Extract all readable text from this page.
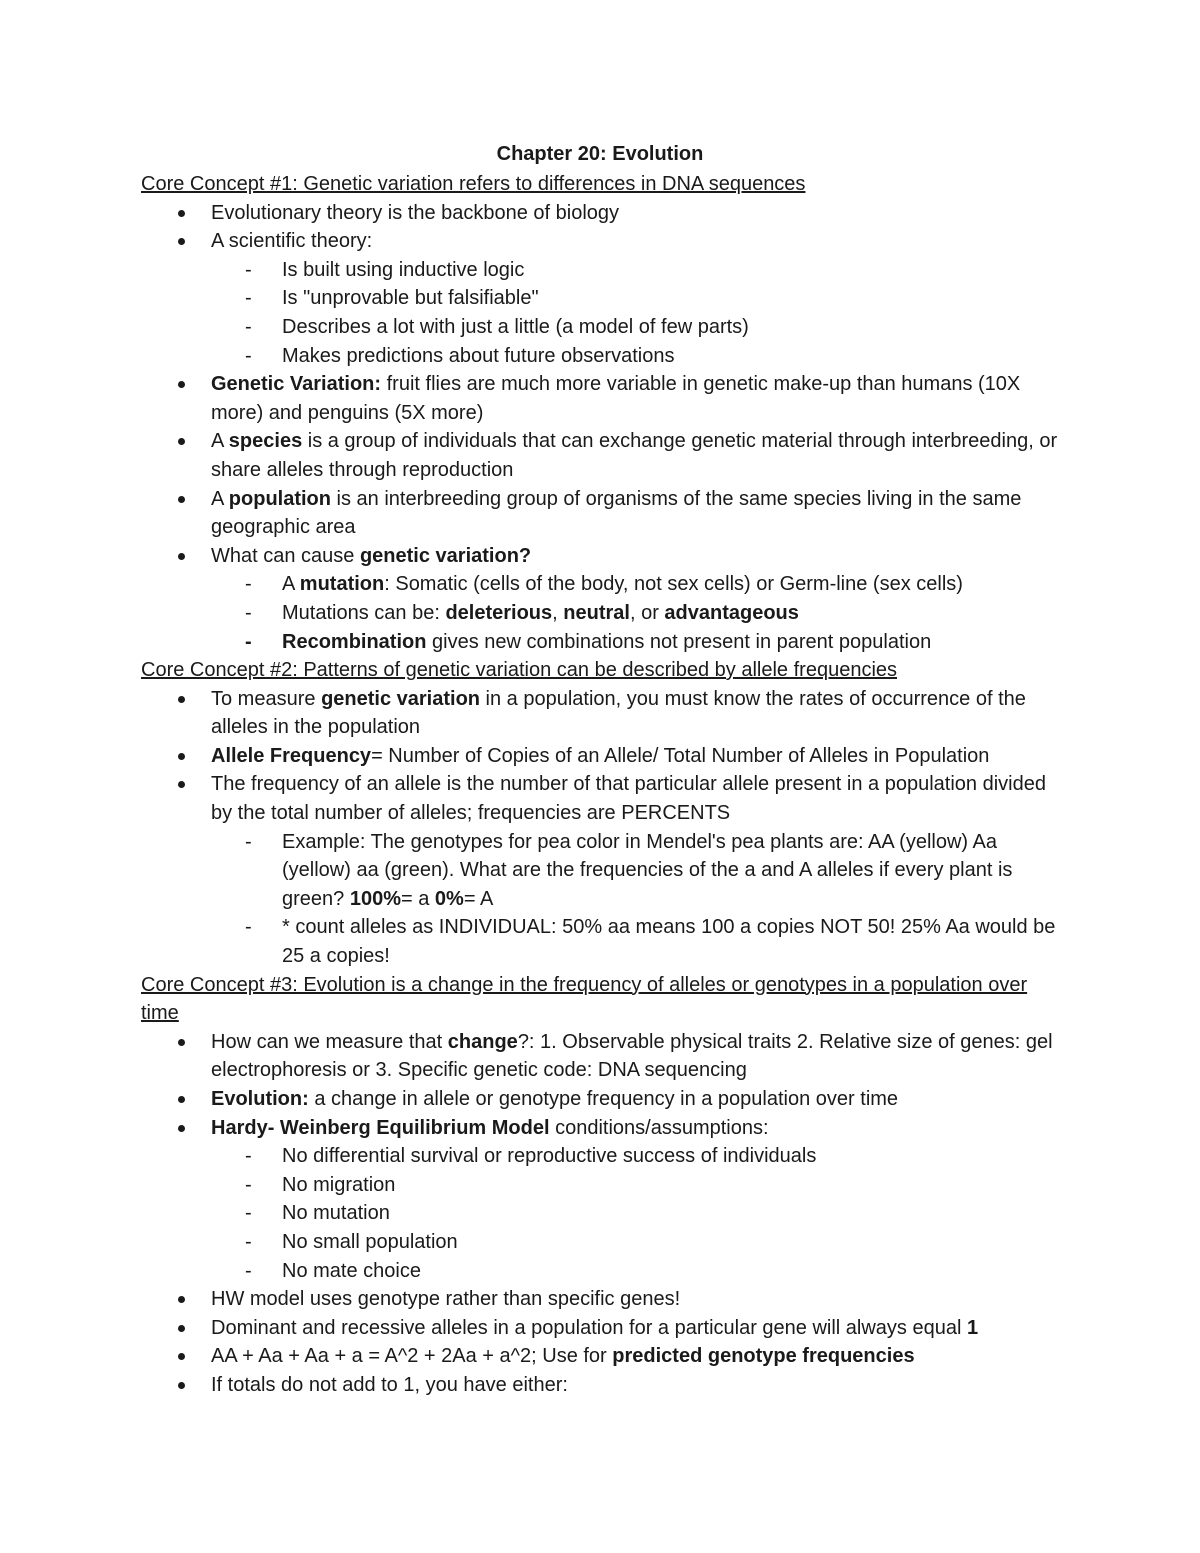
Chapter 20: Evolution
Core Concept #1: Genetic variation refers to differences in DNA sequences
Evolutionary theory is the backbone of biology
A scientific theory:
- Is built using inductive logic
- Is "unprovable but falsifiable"
- Describes a lot with just a little (a model of few parts)
- Makes predictions about future observations
Genetic Variation: fruit flies are much more variable in genetic make-up than humans (10X more) and penguins (5X more)
A species is a group of individuals that can exchange genetic material through interbreeding, or share alleles through reproduction
A population is an interbreeding group of organisms of the same species living in the same geographic area
What can cause genetic variation?
- A mutation: Somatic (cells of the body, not sex cells) or Germ-line (sex cells)
- Mutations can be: deleterious, neutral, or advantageous
- Recombination gives new combinations not present in parent population
Core Concept #2: Patterns of genetic variation can be described by allele frequencies
To measure genetic variation in a population, you must know the rates of occurrence of the alleles in the population
Allele Frequency= Number of Copies of an Allele/ Total Number of Alleles in Population
The frequency of an allele is the number of that particular allele present in a population divided by the total number of alleles; frequencies are PERCENTS
- Example: The genotypes for pea color in Mendel's pea plants are: AA (yellow) Aa (yellow) aa (green). What are the frequencies of the a and A alleles if every plant is green? 100%= a 0%= A
- * count alleles as INDIVIDUAL: 50% aa means 100 a copies NOT 50! 25% Aa would be 25 a copies!
Core Concept #3: Evolution is a change in the frequency of alleles or genotypes in a population over time
How can we measure that change?: 1. Observable physical traits 2. Relative size of genes: gel electrophoresis or 3. Specific genetic code: DNA sequencing
Evolution: a change in allele or genotype frequency in a population over time
Hardy- Weinberg Equilibrium Model conditions/assumptions:
- No differential survival or reproductive success of individuals
- No migration
- No mutation
- No small population
- No mate choice
HW model uses genotype rather than specific genes!
Dominant and recessive alleles in a population for a particular gene will always equal 1
AA + Aa + Aa + a = A^2 + 2Aa + a^2; Use for predicted genotype frequencies
If totals do not add to 1, you have either:
